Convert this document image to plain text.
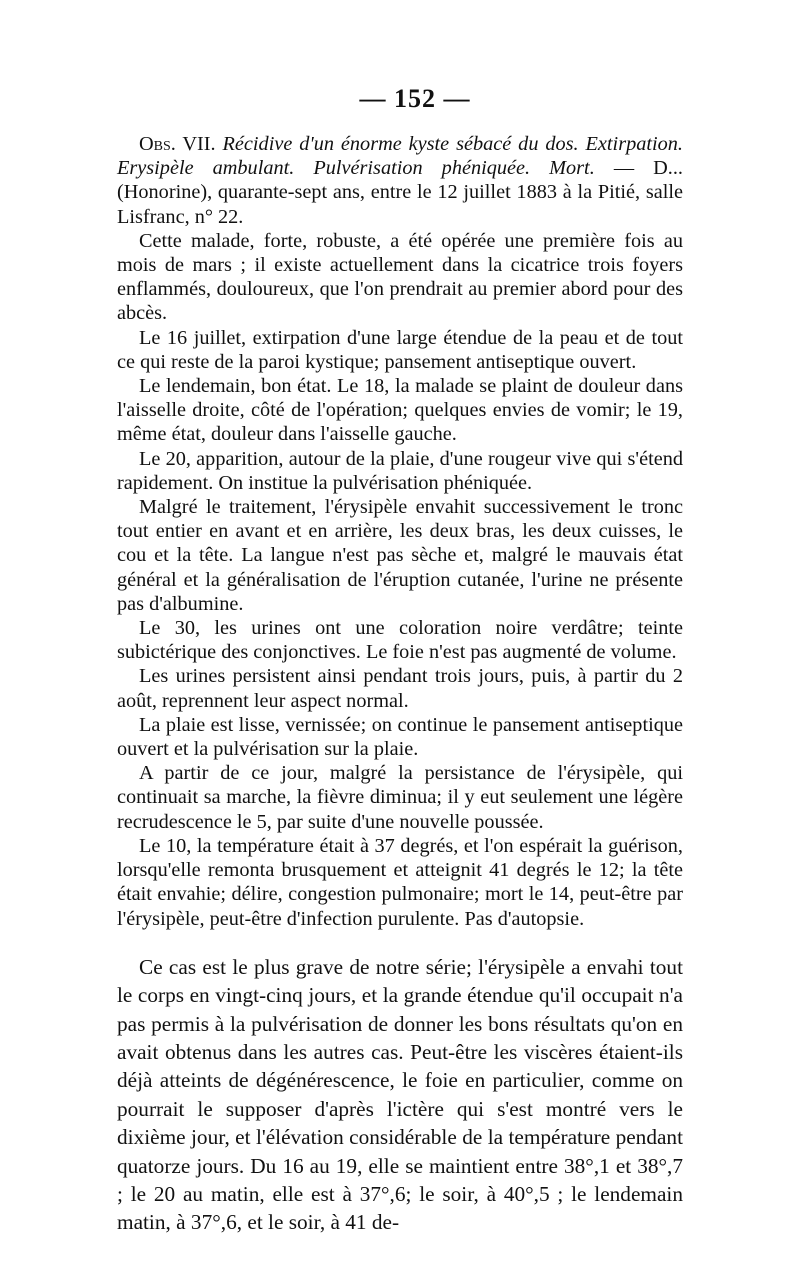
— 152 —

Obs. VII. Récidive d'un énorme kyste sébacé du dos. Extirpation. Erysipèle ambulant. Pulvérisation phéniquée. Mort. — D... (Honorine), quarante-sept ans, entre le 12 juillet 1883 à la Pitié, salle Lisfranc, n° 22.

Cette malade, forte, robuste, a été opérée une première fois au mois de mars ; il existe actuellement dans la cicatrice trois foyers enflammés, douloureux, que l'on prendrait au premier abord pour des abcès.

Le 16 juillet, extirpation d'une large étendue de la peau et de tout ce qui reste de la paroi kystique; pansement antiseptique ouvert.

Le lendemain, bon état. Le 18, la malade se plaint de douleur dans l'aisselle droite, côté de l'opération; quelques envies de vomir; le 19, même état, douleur dans l'aisselle gauche.

Le 20, apparition, autour de la plaie, d'une rougeur vive qui s'étend rapidement. On institue la pulvérisation phéniquée.

Malgré le traitement, l'érysipèle envahit successivement le tronc tout entier en avant et en arrière, les deux bras, les deux cuisses, le cou et la tête. La langue n'est pas sèche et, malgré le mauvais état général et la généralisation de l'éruption cutanée, l'urine ne présente pas d'albumine.

Le 30, les urines ont une coloration noire verdâtre; teinte subictérique des conjonctives. Le foie n'est pas augmenté de volume.

Les urines persistent ainsi pendant trois jours, puis, à partir du 2 août, reprennent leur aspect normal.

La plaie est lisse, vernissée; on continue le pansement antiseptique ouvert et la pulvérisation sur la plaie.

A partir de ce jour, malgré la persistance de l'érysipèle, qui continuait sa marche, la fièvre diminua; il y eut seulement une légère recrudescence le 5, par suite d'une nouvelle poussée.

Le 10, la température était à 37 degrés, et l'on espérait la guérison, lorsqu'elle remonta brusquement et atteignit 41 degrés le 12; la tête était envahie; délire, congestion pulmonaire; mort le 14, peut-être par l'érysipèle, peut-être d'infection purulente. Pas d'autopsie.

Ce cas est le plus grave de notre série; l'érysipèle a envahi tout le corps en vingt-cinq jours, et la grande étendue qu'il occupait n'a pas permis à la pulvérisation de donner les bons résultats qu'on en avait obtenus dans les autres cas. Peut-être les viscères étaient-ils déjà atteints de dégénérescence, le foie en particulier, comme on pourrait le supposer d'après l'ictère qui s'est montré vers le dixième jour, et l'élévation considérable de la température pendant quatorze jours. Du 16 au 19, elle se maintient entre 38°,1 et 38°,7 ; le 20 au matin, elle est à 37°,6; le soir, à 40°,5 ; le lendemain matin, à 37°,6, et le soir, à 41 de-
